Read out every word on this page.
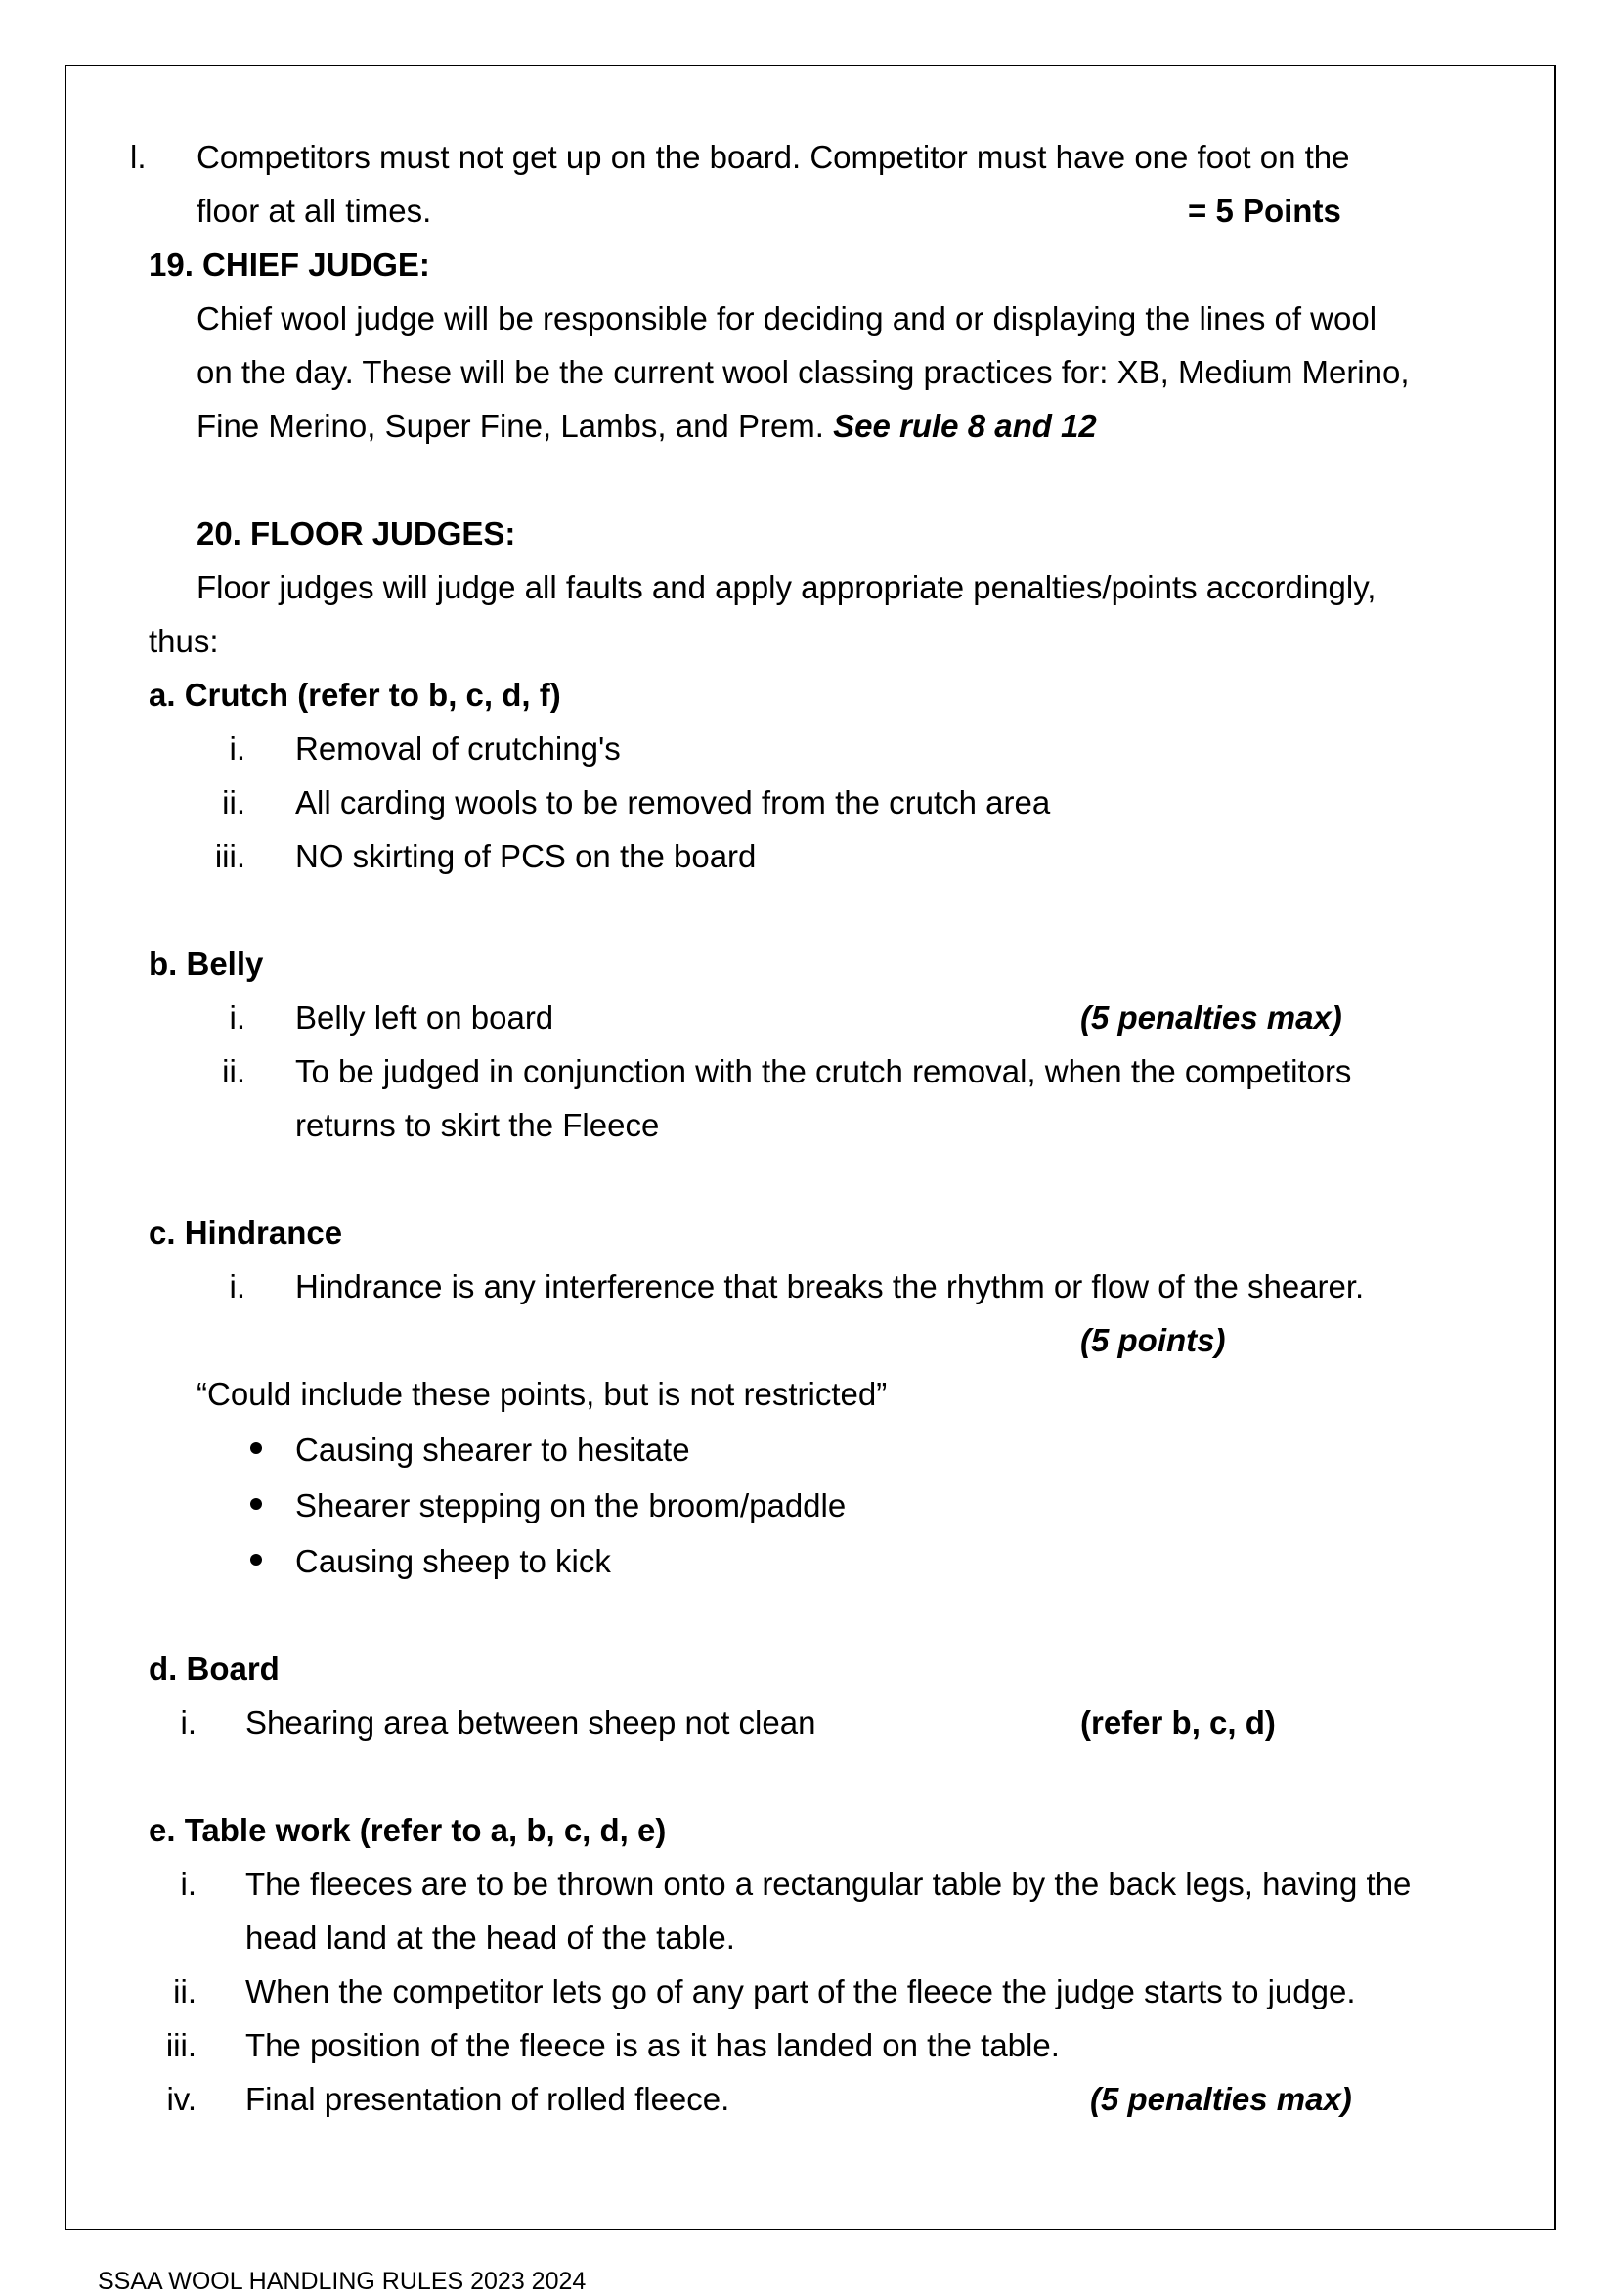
l. Competitors must not get up on the board. Competitor must have one foot on the
floor at all times.	= 5 Points
19. CHIEF JUDGE:
Chief wool judge will be responsible for deciding and or displaying the lines of wool
on the day. These will be the current wool classing practices for: XB, Medium Merino,
Fine Merino, Super Fine, Lambs, and Prem. See rule 8 and 12
20. FLOOR JUDGES:
Floor judges will judge all faults and apply appropriate penalties/points accordingly,
thus:
a. Crutch (refer to b, c, d, f)
i. Removal of crutching's
ii. All carding wools to be removed from the crutch area
iii. NO skirting of PCS on the board
b. Belly
i. Belly left on board	(5 penalties max)
ii. To be judged in conjunction with the crutch removal, when the competitors
returns to skirt the Fleece
c. Hindrance
i. Hindrance is any interference that breaks the rhythm or flow of the shearer.
(5 points)
“Could include these points, but is not restricted”
Causing shearer to hesitate
Shearer stepping on the broom/paddle
Causing sheep to kick
d. Board
i. Shearing area between sheep not clean	(refer b, c, d)
e. Table work (refer to a, b, c, d, e)
i. The fleeces are to be thrown onto a rectangular table by the back legs, having the
head land at the head of the table.
ii. When the competitor lets go of any part of the fleece the judge starts to judge.
iii. The position of the fleece is as it has landed on the table.
iv. Final presentation of rolled fleece.	(5 penalties max)
SSAA WOOL HANDLING RULES 2023 2024
